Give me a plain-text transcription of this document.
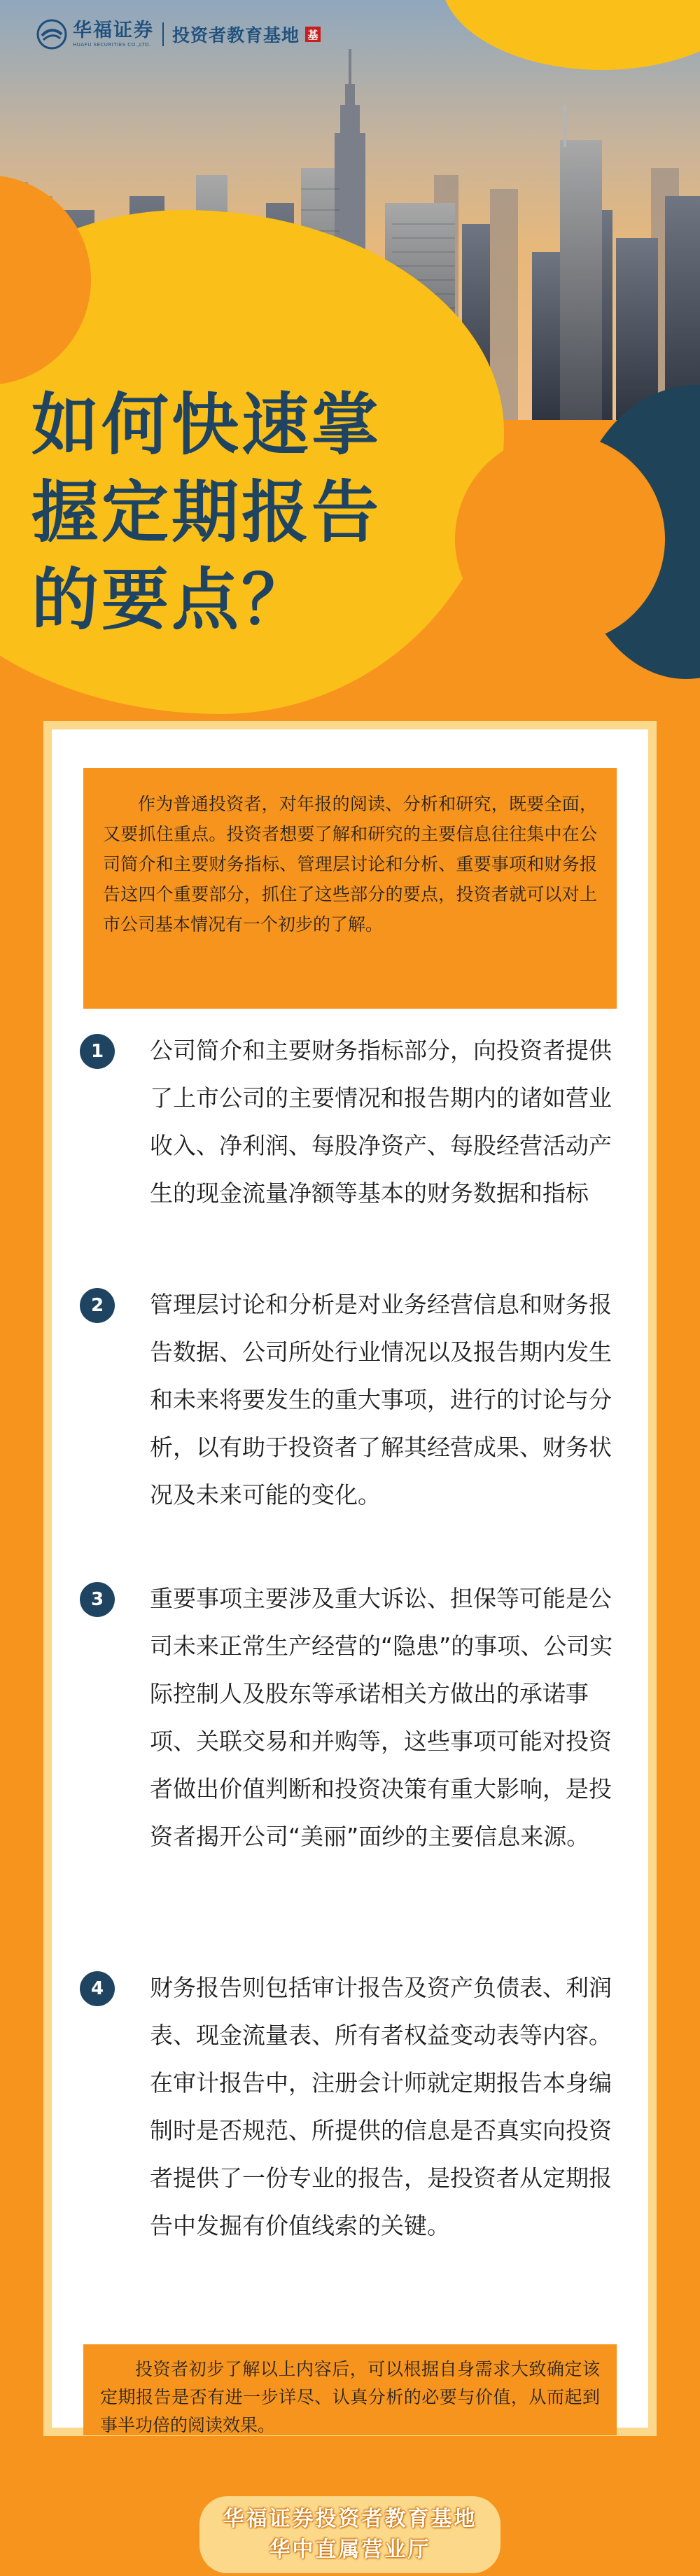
华福证券
HUAFU SECURITIES CO.,LTD. 投资者教育基地 基
如何快速掌
握定期报告
的要点？

作为普通投资者，对年报的阅读、分析和研究，既要全面，又要抓住重点。投资者想要了解和研究的主要信息往往集中在公司简介和主要财务指标、管理层讨论和分析、重要事项和财务报告这四个重要部分，抓住了这些部分的要点，投资者就可以对上市公司基本情况有一个初步的了解。

1	公司简介和主要财务指标部分，向投资者提供了上市公司的主要情况和报告期内的诸如营业收入、净利润、每股净资产、每股经营活动产生的现金流量净额等基本的财务数据和指标

2	管理层讨论和分析是对业务经营信息和财务报告数据、公司所处行业情况以及报告期内发生和未来将要发生的重大事项，进行的讨论与分析，以有助于投资者了解其经营成果、财务状况及未来可能的变化。

3	重要事项主要涉及重大诉讼、担保等可能是公司未来正常生产经营的“隐患”的事项、公司实际控制人及股东等承诺相关方做出的承诺事项、关联交易和并购等，这些事项可能对投资者做出价值判断和投资决策有重大影响，是投资者揭开公司“美丽”面纱的主要信息来源。

4	财务报告则包括审计报告及资产负债表、利润表、现金流量表、所有者权益变动表等内容。在审计报告中，注册会计师就定期报告本身编制时是否规范、所提供的信息是否真实向投资者提供了一份专业的报告，是投资者从定期报告中发掘有价值线索的关键。

投资者初步了解以上内容后，可以根据自身需求大致确定该定期报告是否有进一步详尽、认真分析的必要与价值，从而起到事半功倍的阅读效果。

华福证券投资者教育基地
华中直属营业厅
